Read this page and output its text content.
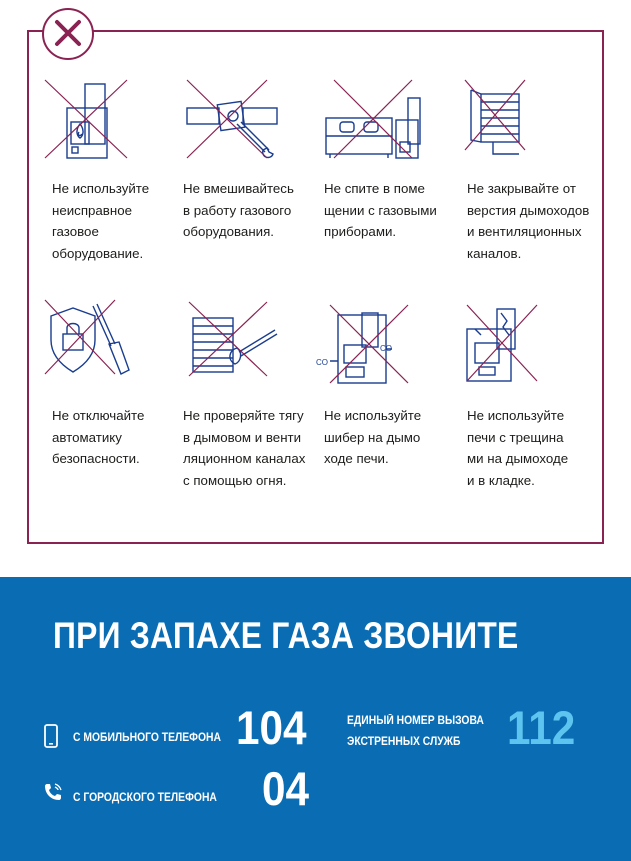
CO
CO
Не используйте
неисправное
газовое
оборудование.
Не вмешивайтесь
в работу газового
оборудования.
Не спите в поме
щении с газовыми
приборами.
Не закрывайте от
верстия дымоходов
и вентиляционных
каналов.
Не отключайте
автоматику
безопасности.
Не проверяйте тягу
в дымовом и венти
ляционном каналах
с помощью огня.
Не используйте
шибер на дымо
ходе печи.
Не используйте
печи с трещина
ми на дымоходе
и в кладке.
ПРИ ЗАПАХЕ ГАЗА ЗВОНИТЕ
С МОБИЛЬНОГО ТЕЛЕФОНА 104	ЕДИНЫЙ НОМЕР ВЫЗОВА
ЭКСТРЕННЫХ СЛУЖБ 112
С ГОРОДСКОГО ТЕЛЕФОНА 04
